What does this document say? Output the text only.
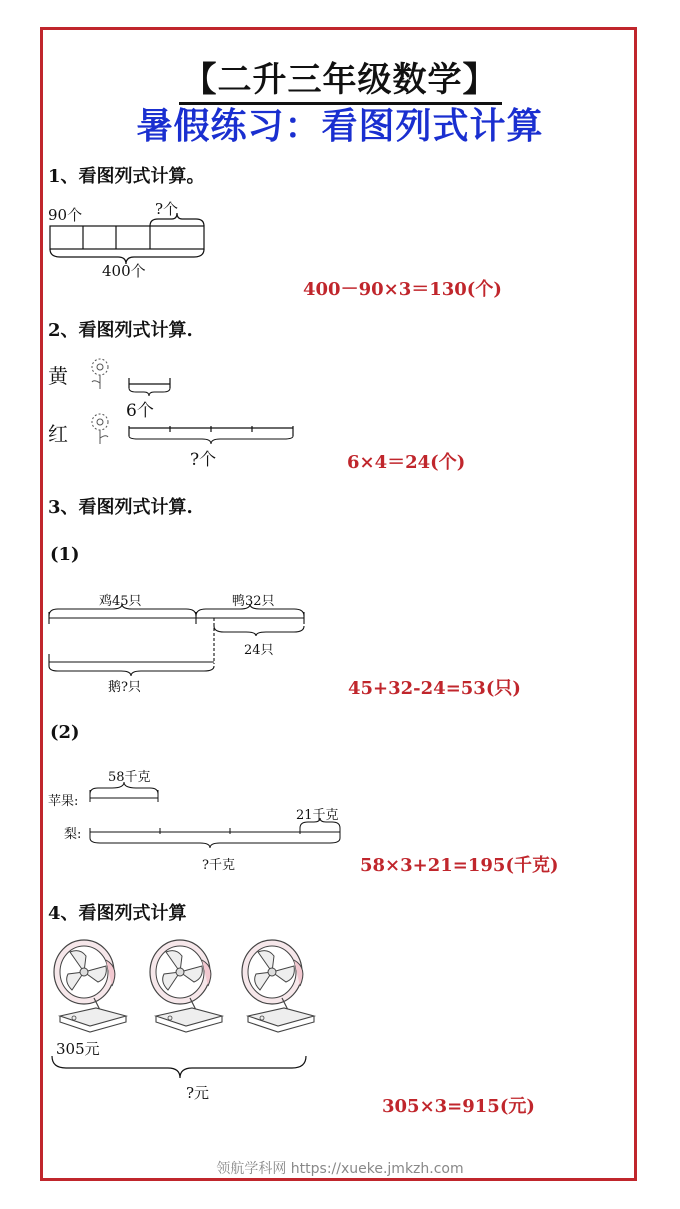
【二升三年级数学】
暑假练习：看图列式计算
1、看图列式计算。
90个	?个
400个
400－90×3＝130(个)
2、看图列式计算.
黄
红
6个
?个	6×4＝24(个)
3、看图列式计算.
(1)
鸡45只	鸭32只
24只
鹅?只	45+32-24=53(只)
(2)
58千克
苹果:
梨:
21千克
?千克	58×3+21=195(千克)
4、看图列式计算
305元
?元
305×3=915(元)
领航学科网 https://xueke.jmkzh.com
